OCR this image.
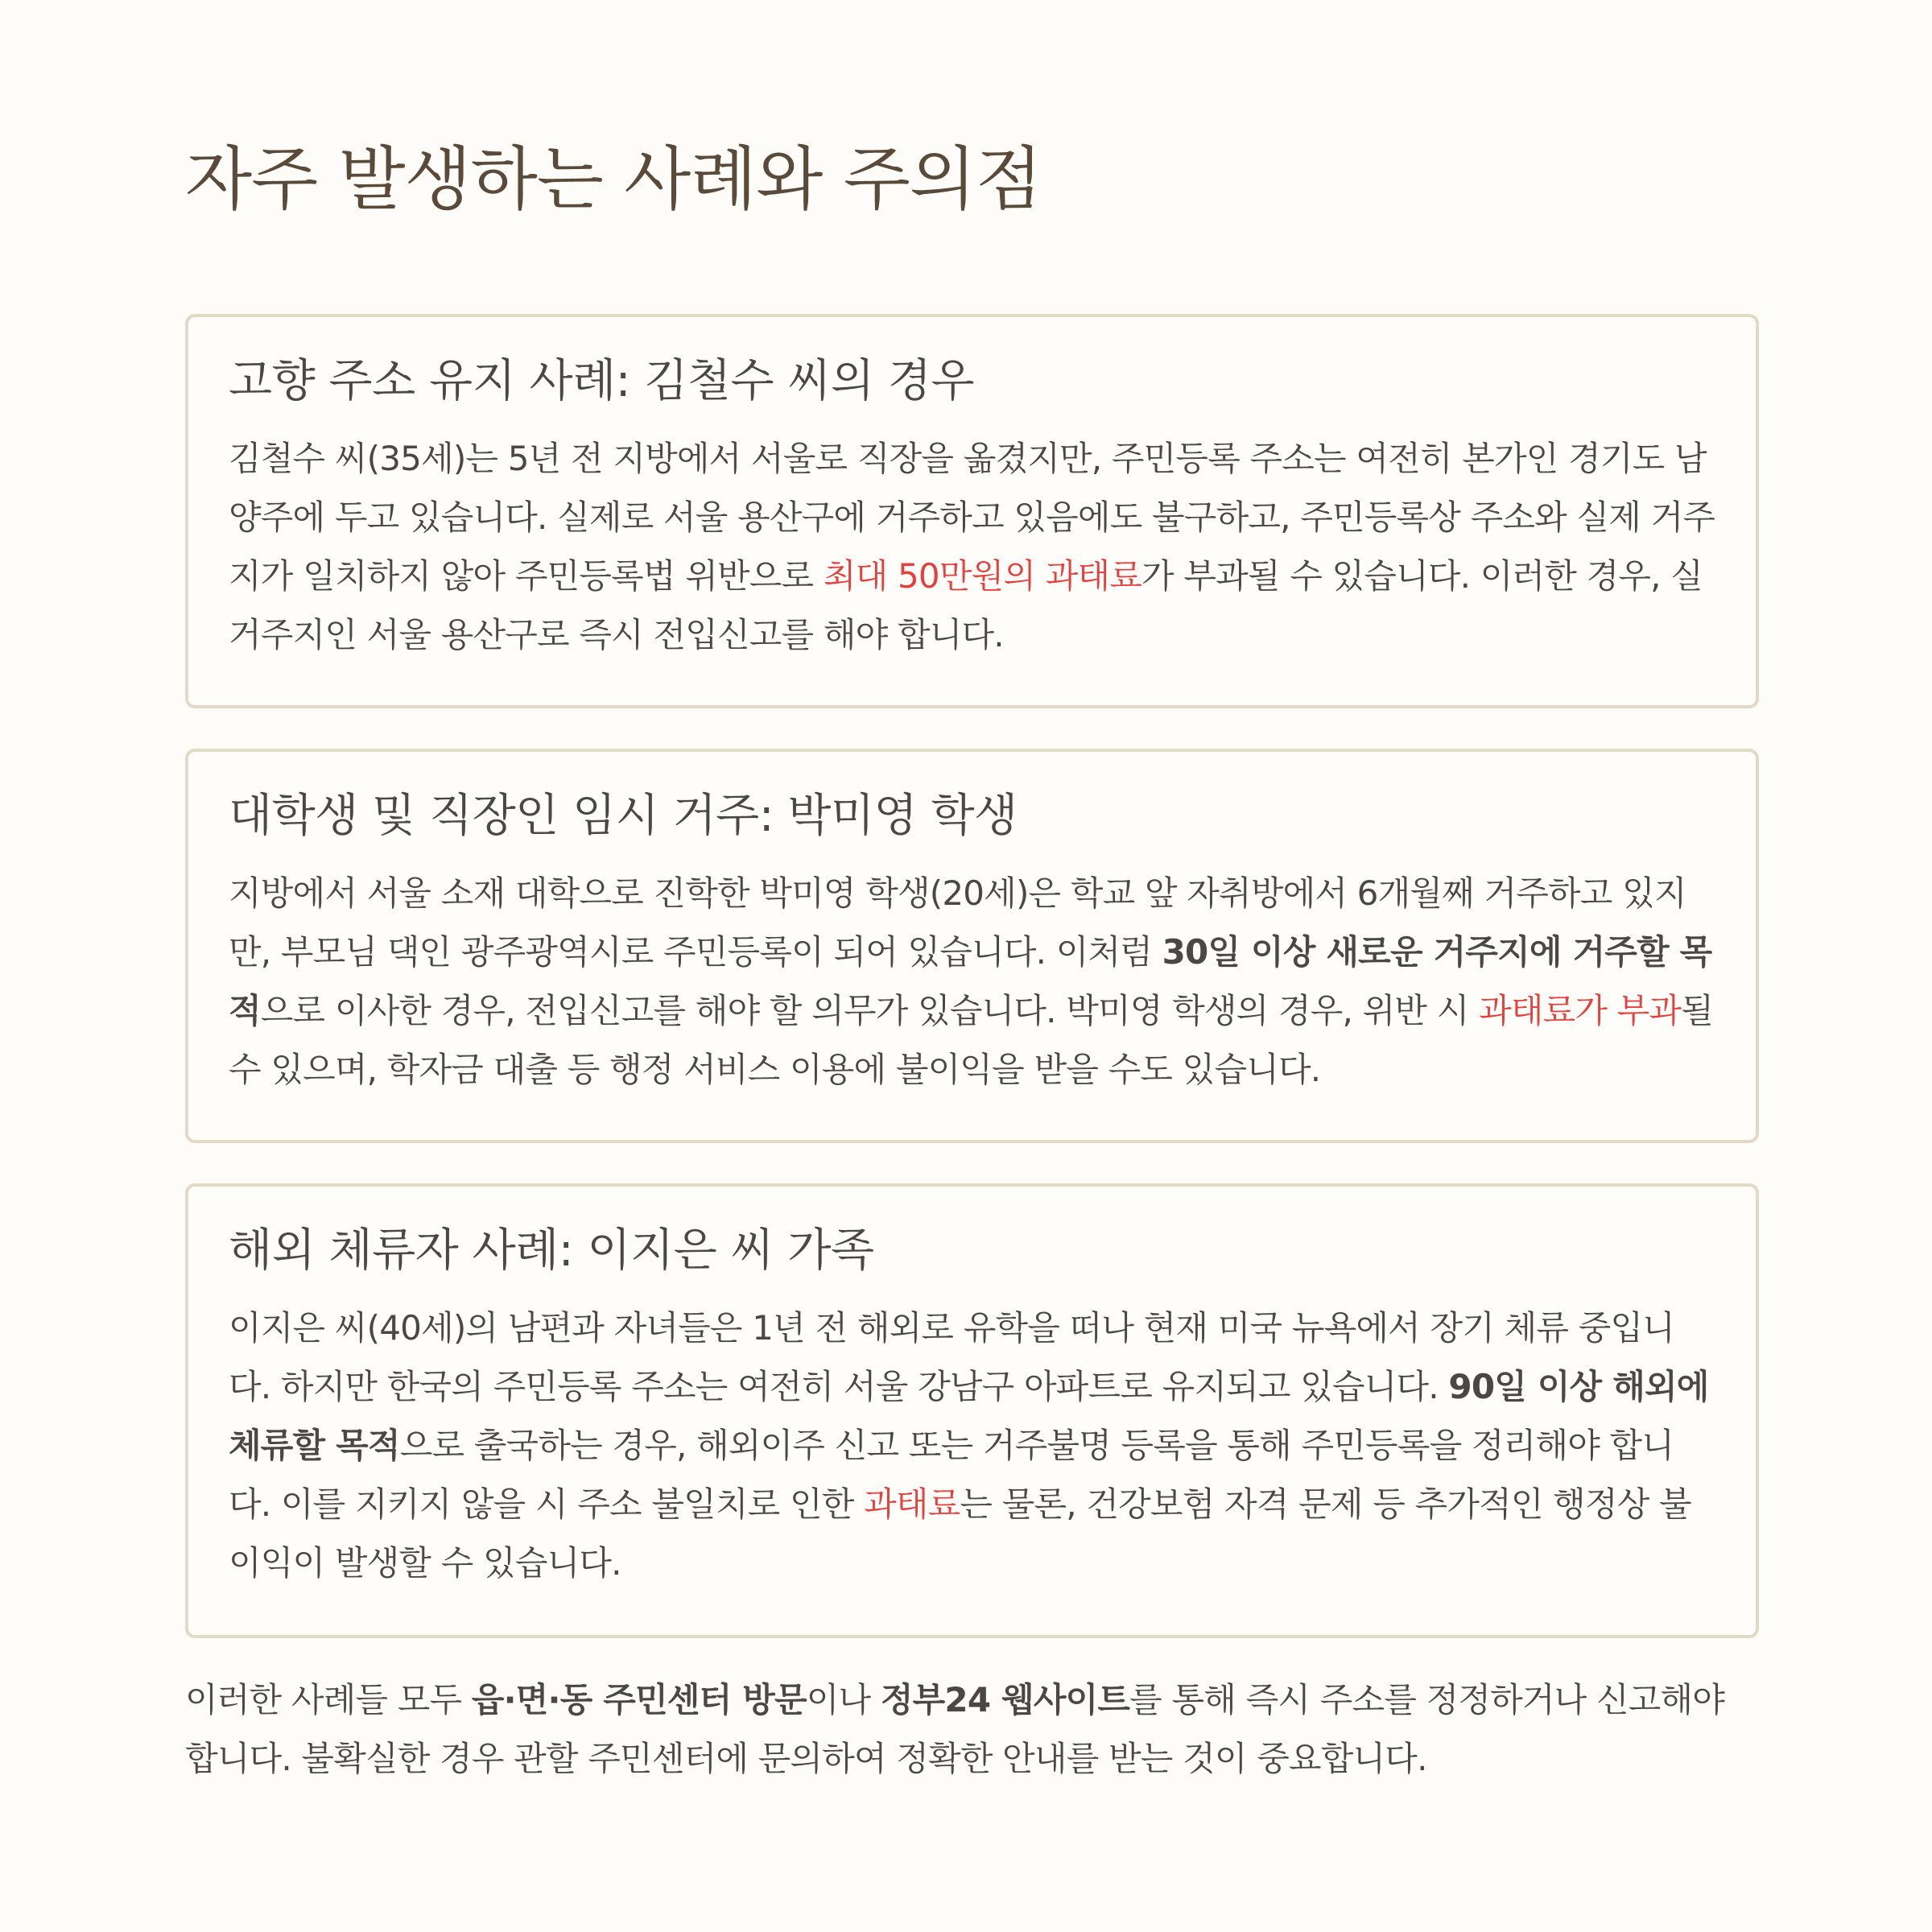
자주 발생하는 사례와 주의점
고향 주소 유지 사례: 김철수 씨의 경우

김철수 씨(35세)는 5년 전 지방에서 서울로 직장을 옮겼지만, 주민등록 주소는 여전히 본가인 경기도 남양주에 두고 있습니다. 실제로 서울 용산구에 거주하고 있음에도 불구하고, 주민등록상 주소와 실제 거주지가 일치하지 않아 주민등록법 위반으로 최대 50만원의 과태료가 부과될 수 있습니다. 이러한 경우, 실거주지인 서울 용산구로 즉시 전입신고를 해야 합니다.

대학생 및 직장인 임시 거주: 박미영 학생

지방에서 서울 소재 대학으로 진학한 박미영 학생(20세)은 학교 앞 자취방에서 6개월째 거주하고 있지만, 부모님 댁인 광주광역시로 주민등록이 되어 있습니다. 이처럼 30일 이상 새로운 거주지에 거주할 목적으로 이사한 경우, 전입신고를 해야 할 의무가 있습니다. 박미영 학생의 경우, 위반 시 과태료가 부과될 수 있으며, 학자금 대출 등 행정 서비스 이용에 불이익을 받을 수도 있습니다.

해외 체류자 사례: 이지은 씨 가족

이지은 씨(40세)의 남편과 자녀들은 1년 전 해외로 유학을 떠나 현재 미국 뉴욕에서 장기 체류 중입니다. 하지만 한국의 주민등록 주소는 여전히 서울 강남구 아파트로 유지되고 있습니다. 90일 이상 해외에 체류할 목적으로 출국하는 경우, 해외이주 신고 또는 거주불명 등록을 통해 주민등록을 정리해야 합니다. 이를 지키지 않을 시 주소 불일치로 인한 과태료는 물론, 건강보험 자격 문제 등 추가적인 행정상 불이익이 발생할 수 있습니다.

이러한 사례들 모두 읍·면·동 주민센터 방문이나 정부24 웹사이트를 통해 즉시 주소를 정정하거나 신고해야 합니다. 불확실한 경우 관할 주민센터에 문의하여 정확한 안내를 받는 것이 중요합니다.
